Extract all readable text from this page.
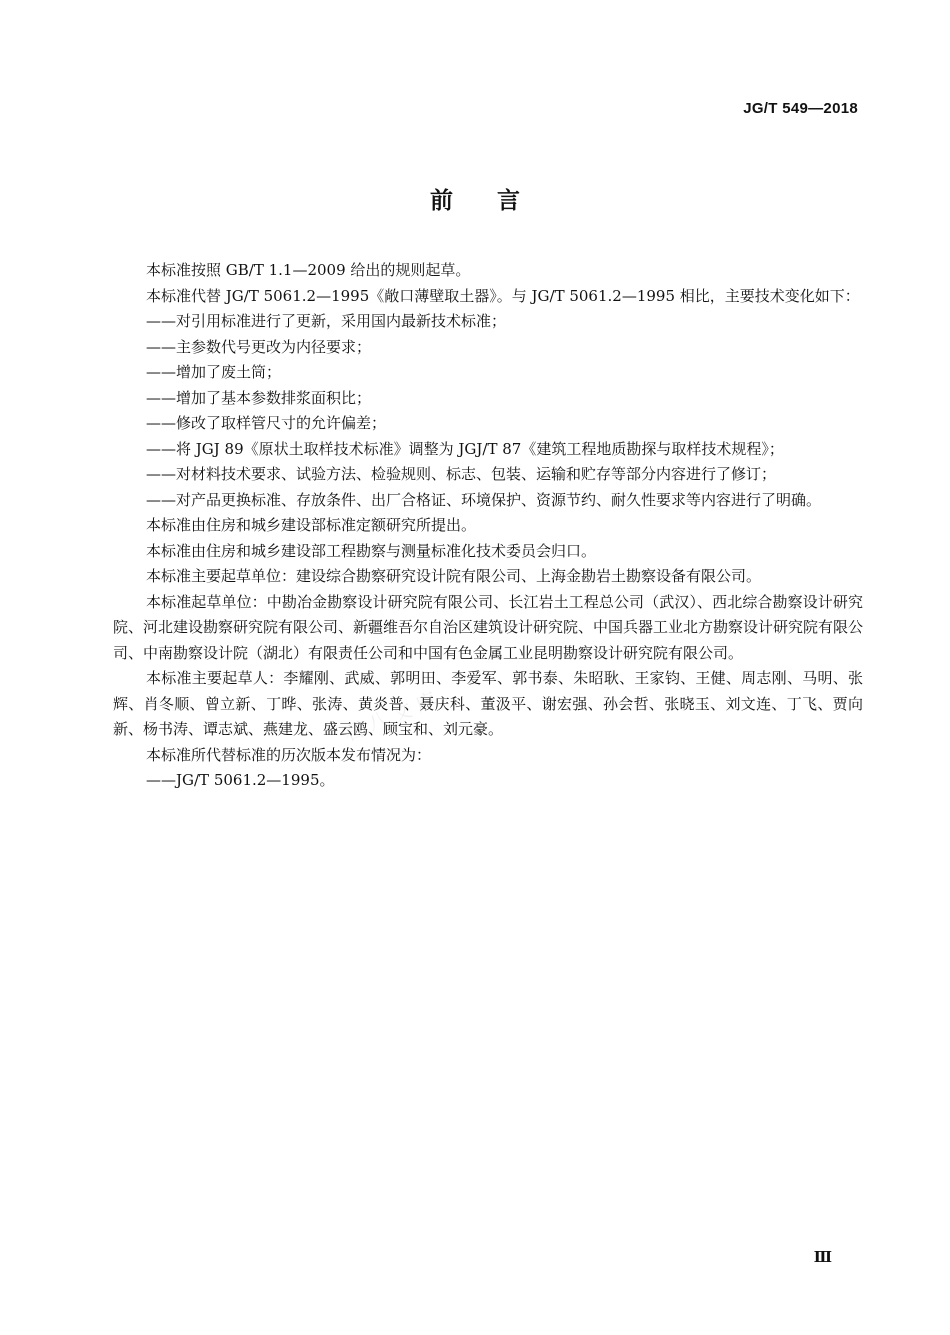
JG/T 549—2018
前言
石八文库

本标准按照 GB/T 1.1—2009 给出的规则起草。

本标准代替 JG/T 5061.2—1995《敞口薄壁取土器》。与 JG/T 5061.2—1995 相比，主要技术变化如下：

——对引用标准进行了更新，采用国内最新技术标准；

——主参数代号更改为内径要求；

——增加了废土筒；

——增加了基本参数排浆面积比；

——修改了取样管尺寸的允许偏差；

——将 JGJ 89《原状土取样技术标准》调整为 JGJ/T 87《建筑工程地质勘探与取样技术规程》；

——对材料技术要求、试验方法、检验规则、标志、包装、运输和贮存等部分内容进行了修订；

——对产品更换标准、存放条件、出厂合格证、环境保护、资源节约、耐久性要求等内容进行了明确。

本标准由住房和城乡建设部标准定额研究所提出。

本标准由住房和城乡建设部工程勘察与测量标准化技术委员会归口。

本标准主要起草单位：建设综合勘察研究设计院有限公司、上海金勘岩土勘察设备有限公司。

本标准起草单位：中勘冶金勘察设计研究院有限公司、长江岩土工程总公司（武汉）、西北综合勘察设计研究院、河北建设勘察研究院有限公司、新疆维吾尔自治区建筑设计研究院、中国兵器工业北方勘察设计研究院有限公司、中南勘察设计院（湖北）有限责任公司和中国有色金属工业昆明勘察设计研究院有限公司。

本标准主要起草人：李耀刚、武威、郭明田、李爱军、郭书泰、朱昭耿、王家钧、王健、周志刚、马明、张辉、肖冬顺、曾立新、丁晔、张涛、黄炎普、聂庆科、董汲平、谢宏强、孙会哲、张晓玉、刘文连、丁飞、贾向新、杨书涛、谭志斌、燕建龙、盛云鸥、顾宝和、刘元豪。

本标准所代替标准的历次版本发布情况为：

——JG/T 5061.2—1995。

Ⅲ
